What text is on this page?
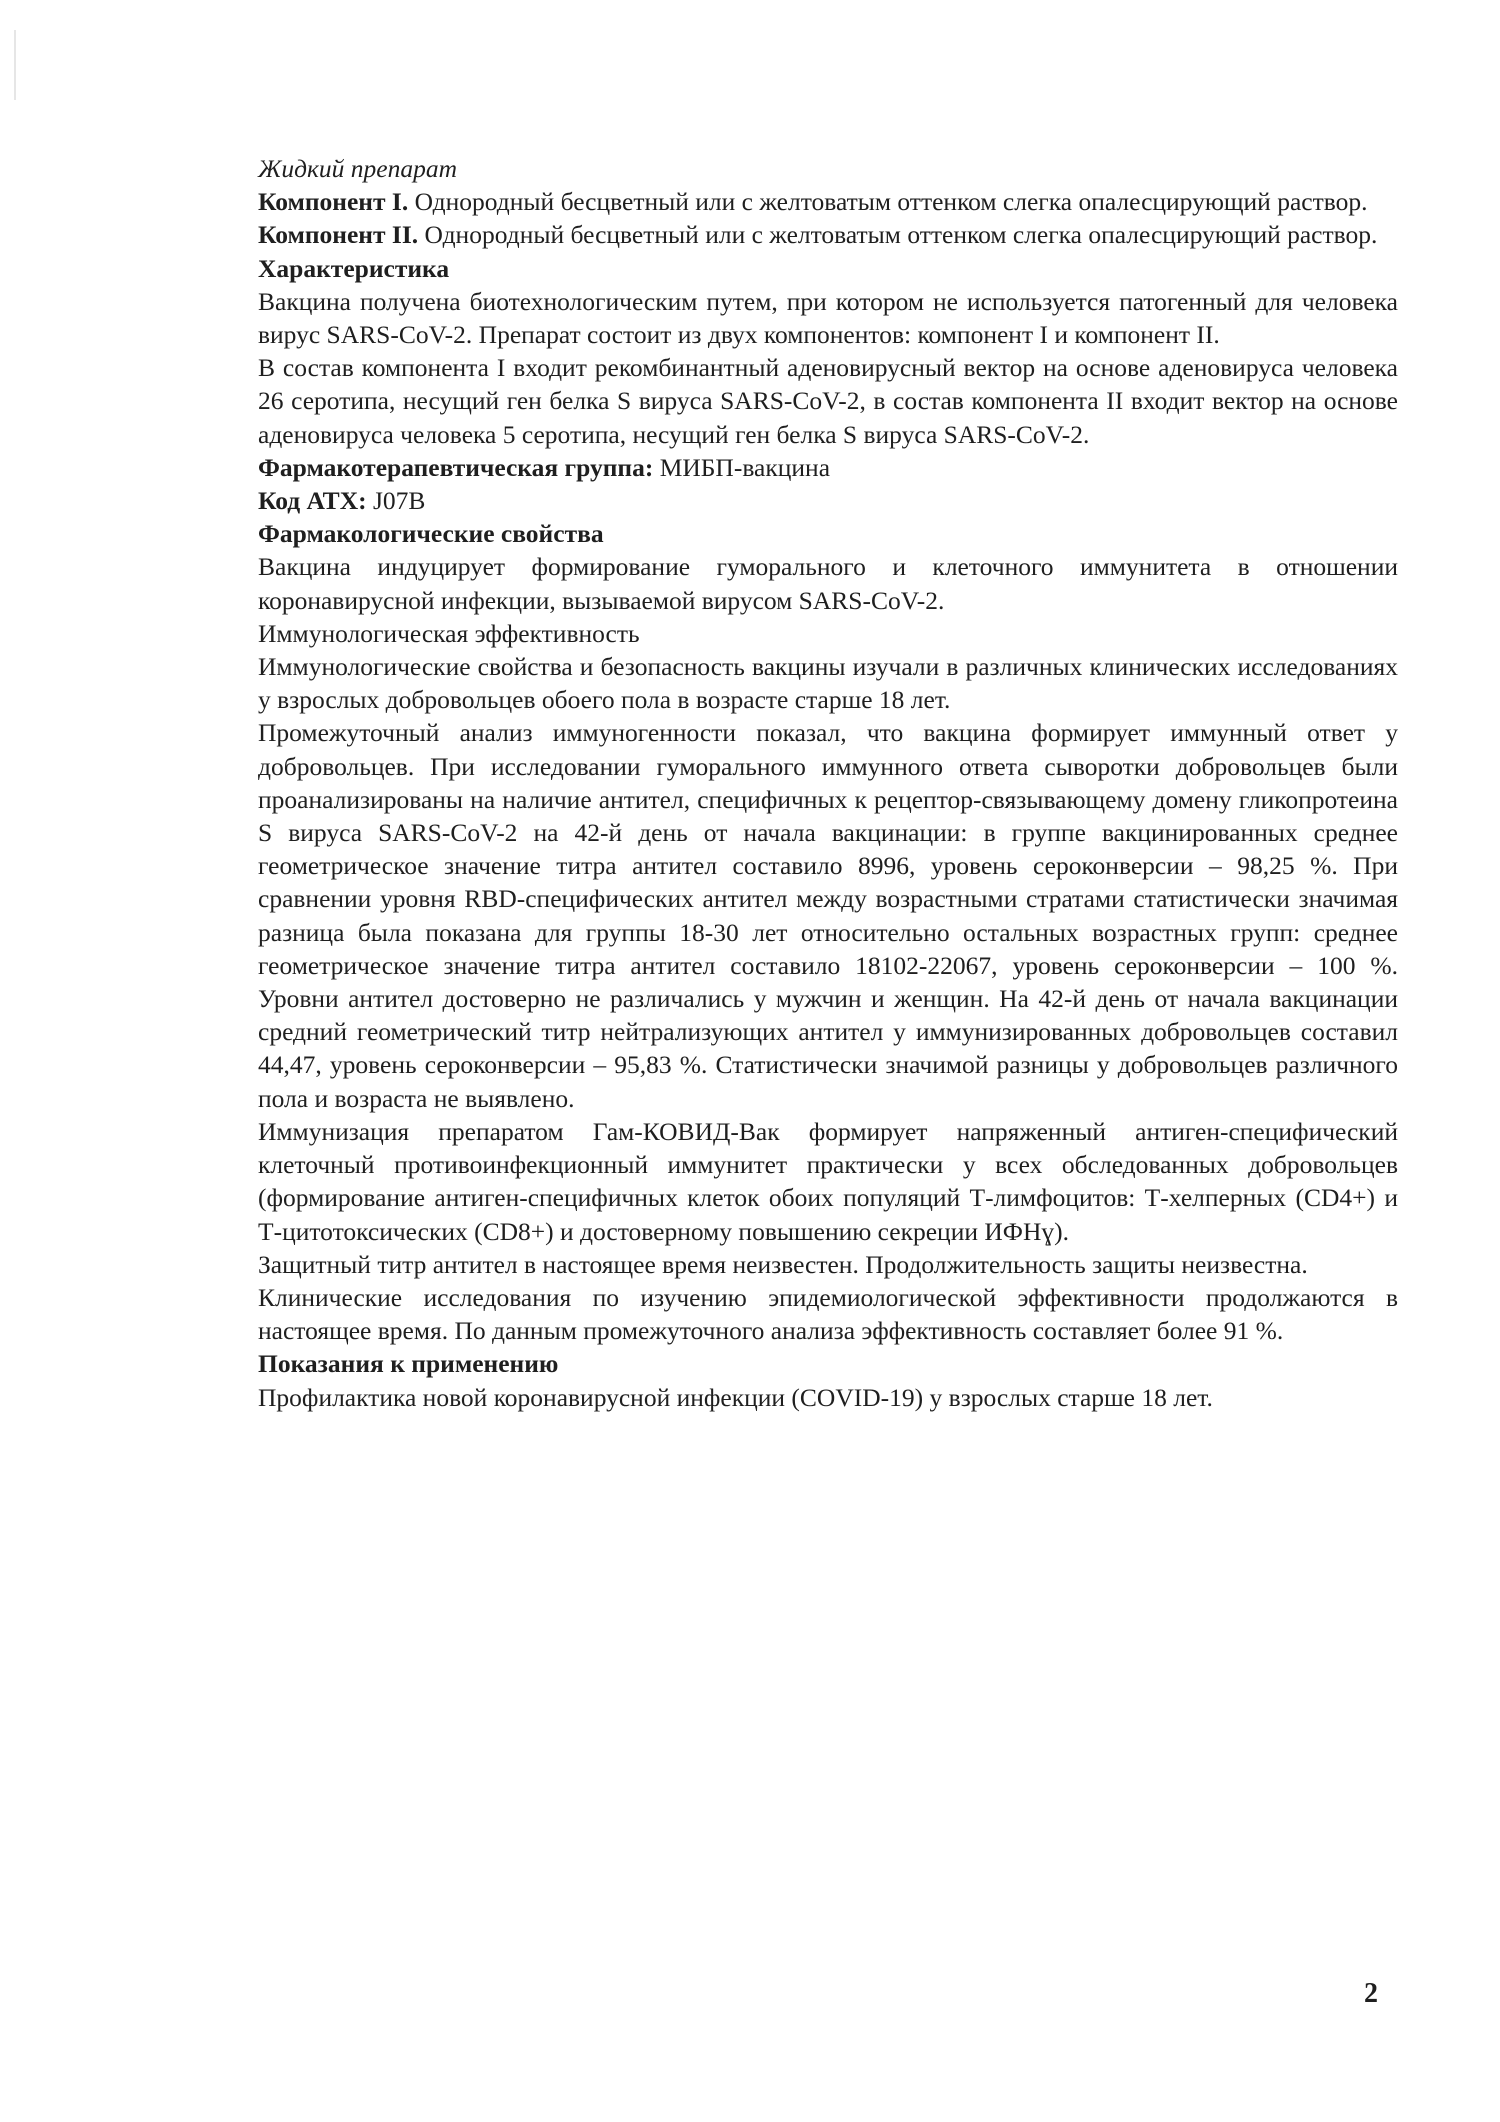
Жидкий препарат

Компонент I. Однородный бесцветный или с желтоватым оттенком слегка опалесцирующий раствор.

Компонент II. Однородный бесцветный или с желтоватым оттенком слегка опалесцирующий раствор.

Характеристика

Вакцина получена биотехнологическим путем, при котором не используется патогенный для человека вирус SARS-CoV-2. Препарат состоит из двух компонентов: компонент I и компонент II.

В состав компонента I входит рекомбинантный аденовирусный вектор на основе аденовируса человека 26 серотипа, несущий ген белка S вируса SARS-CoV-2, в состав компонента II входит вектор на основе аденовируса человека 5 серотипа, несущий ген белка S вируса SARS-CoV-2.

Фармакотерапевтическая группа: МИБП-вакцина

Код АТХ: J07B

Фармакологические свойства

Вакцина индуцирует формирование гуморального и клеточного иммунитета в отношении коронавирусной инфекции, вызываемой вирусом SARS-CoV-2.

Иммунологическая эффективность

Иммунологические свойства и безопасность вакцины изучали в различных клинических исследованиях у взрослых добровольцев обоего пола в возрасте старше 18 лет.

Промежуточный анализ иммуногенности показал, что вакцина формирует иммунный ответ у добровольцев. При исследовании гуморального иммунного ответа сыворотки добровольцев были проанализированы на наличие антител, специфичных к рецептор-связывающему домену гликопротеина S вируса SARS-CoV-2 на 42-й день от начала вакцинации: в группе вакцинированных среднее геометрическое значение титра антител составило 8996, уровень сероконверсии – 98,25 %. При сравнении уровня RBD-специфических антител между возрастными стратами статистически значимая разница была показана для группы 18-30 лет относительно остальных возрастных групп: среднее геометрическое значение титра антител составило 18102-22067, уровень сероконверсии – 100 %. Уровни антител достоверно не различались у мужчин и женщин. На 42-й день от начала вакцинации средний геометрический титр нейтрализующих антител у иммунизированных добровольцев составил 44,47, уровень сероконверсии – 95,83 %. Статистически значимой разницы у добровольцев различного пола и возраста не выявлено.

Иммунизация препаратом Гам-КОВИД-Вак формирует напряженный антиген-специфический клеточный противоинфекционный иммунитет практически у всех обследованных добровольцев (формирование антиген-специфичных клеток обоих популяций Т-лимфоцитов: Т-хелперных (CD4+) и Т-цитотоксических (CD8+) и достоверному повышению секреции ИФНɣ).

Защитный титр антител в настоящее время неизвестен. Продолжительность защиты неизвестна.

Клинические исследования по изучению эпидемиологической эффективности продолжаются в настоящее время. По данным промежуточного анализа эффективность составляет более 91 %.

Показания к применению

Профилактика новой коронавирусной инфекции (COVID-19) у взрослых старше 18 лет.

2
